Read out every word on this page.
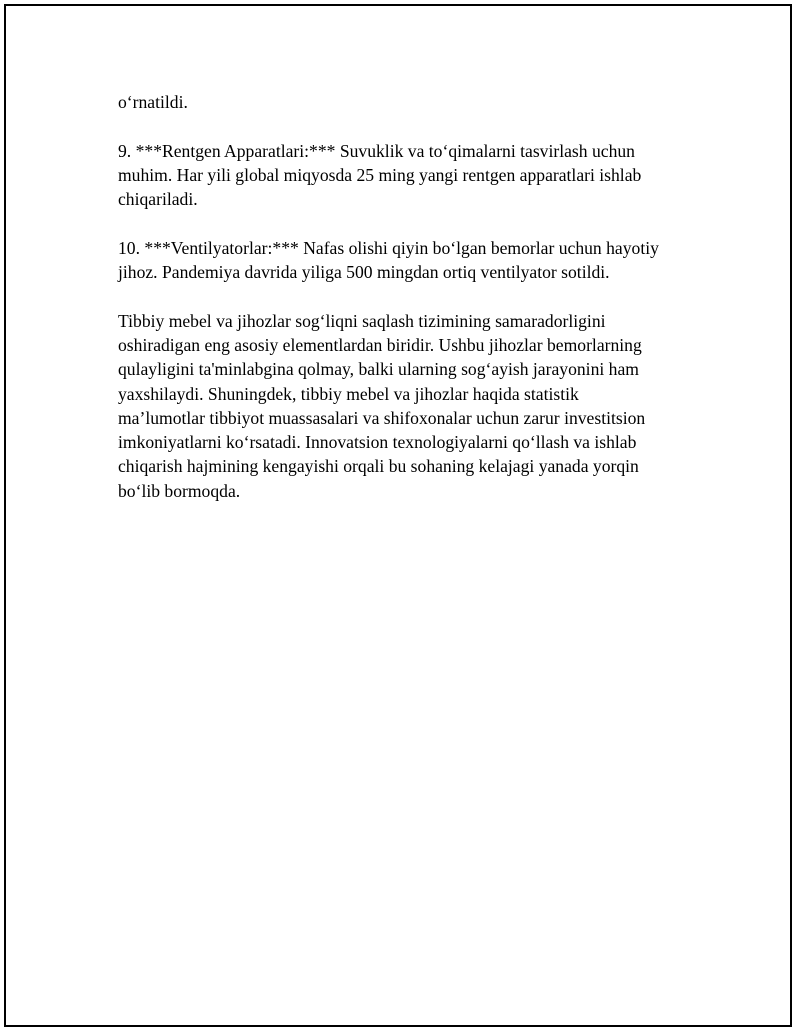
o‘rnatildi.

9. ***Rentgen Apparatlari:*** Suvuklik va to‘qimalarni tasvirlash uchun
muhim. Har yili global miqyosda 25 ming yangi rentgen apparatlari ishlab
chiqariladi.

10. ***Ventilyatorlar:*** Nafas olishi qiyin bo‘lgan bemorlar uchun hayotiy
jihoz. Pandemiya davrida yiliga 500 mingdan ortiq ventilyator sotildi.

Tibbiy mebel va jihozlar sog‘liqni saqlash tizimining samaradorligini
oshiradigan eng asosiy elementlardan biridir. Ushbu jihozlar bemorlarning
qulayligini ta'minlabgina qolmay, balki ularning sog‘ayish jarayonini ham
yaxshilaydi. Shuningdek, tibbiy mebel va jihozlar haqida statistik
ma’lumotlar tibbiyot muassasalari va shifoxonalar uchun zarur investitsion
imkoniyatlarni ko‘rsatadi. Innovatsion texnologiyalarni qo‘llash va ishlab
chiqarish hajmining kengayishi orqali bu sohaning kelajagi yanada yorqin
bo‘lib bormoqda.
